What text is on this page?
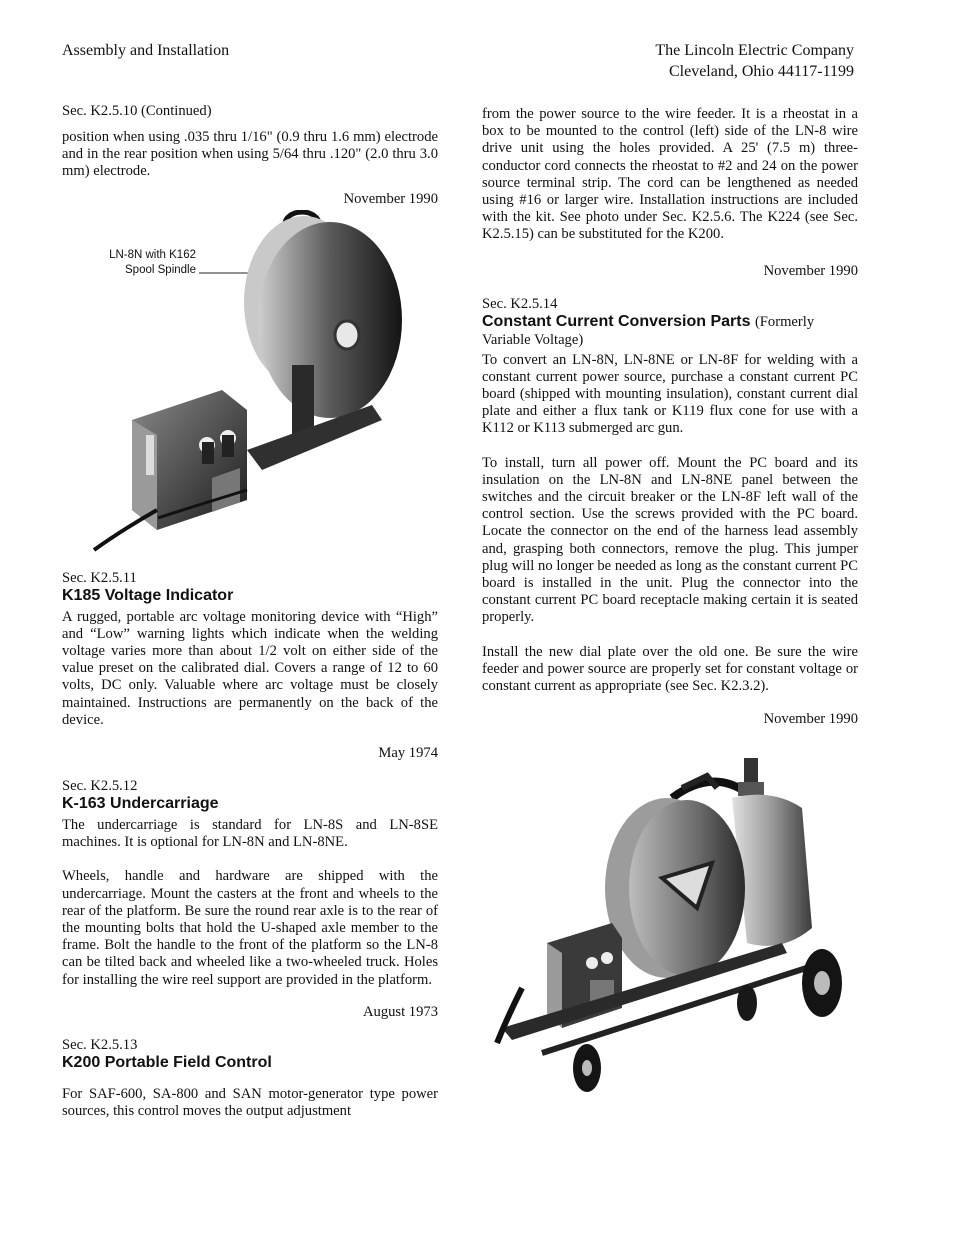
Assembly and Installation	The Lincoln Electric Company
Cleveland, Ohio 44117-1199

Sec. K2.5.10 (Continued)

position when using .035 thru 1/16" (0.9 thru 1.6 mm) electrode and in the rear position when using 5/64 thru .120" (2.0 thru 3.0 mm) electrode.

November 1990

LN-8N with K162
Spool Spindle

Sec. K2.5.11

K185 Voltage Indicator

A rugged, portable arc voltage monitoring device with “High” and “Low” warning lights which indicate when the welding voltage varies more than about 1/2 volt on either side of the value preset on the calibrated dial. Covers a range of 12 to 60 volts, DC only. Valuable where arc voltage must be closely maintained. Instructions are permanently on the back of the device.

May 1974

Sec. K2.5.12

K-163 Undercarriage

The undercarriage is standard for LN-8S and LN-8SE machines. It is optional for LN-8N and LN-8NE.

Wheels, handle and hardware are shipped with the undercarriage. Mount the casters at the front and wheels to the rear of the platform. Be sure the round rear axle is to the rear of the mounting bolts that hold the U-shaped axle member to the frame. Bolt the handle to the front of the platform so the LN-8 can be tilted back and wheeled like a two-wheeled truck. Holes for installing the wire reel support are provided in the platform.

August 1973

Sec. K2.5.13

K200 Portable Field Control

For SAF-600, SA-800 and SAN motor-generator type power sources, this control moves the output adjustment

from the power source to the wire feeder. It is a rheostat in a box to be mounted to the control (left) side of the LN-8 wire drive unit using the holes provided. A 25' (7.5 m) three-conductor cord connects the rheostat to #2 and 24 on the power source terminal strip. The cord can be lengthened as needed using #16 or larger wire. Installation instructions are included with the kit. See photo under Sec. K2.5.6. The K224 (see Sec. K2.5.15) can be substituted for the K200.

November 1990

Sec. K2.5.14

Constant Current Conversion Parts (Formerly Variable Voltage)

To convert an LN-8N, LN-8NE or LN-8F for welding with a constant current power source, purchase a constant current PC board (shipped with mounting insulation), constant current dial plate and either a flux tank or K119 flux cone for use with a K112 or K113 submerged arc gun.

To install, turn all power off. Mount the PC board and its insulation on the LN-8N and LN-8NE panel between the switches and the circuit breaker or the LN-8F left wall of the control section. Use the screws provided with the PC board. Locate the connector on the end of the harness lead assembly and, grasping both connectors, remove the plug. This jumper plug will no longer be needed as long as the constant current PC board is installed in the unit. Plug the connector into the constant current PC board receptacle making certain it is seated properly.

Install the new dial plate over the old one. Be sure the wire feeder and power source are properly set for constant voltage or constant current as appropriate (see Sec. K2.3.2).

November 1990
